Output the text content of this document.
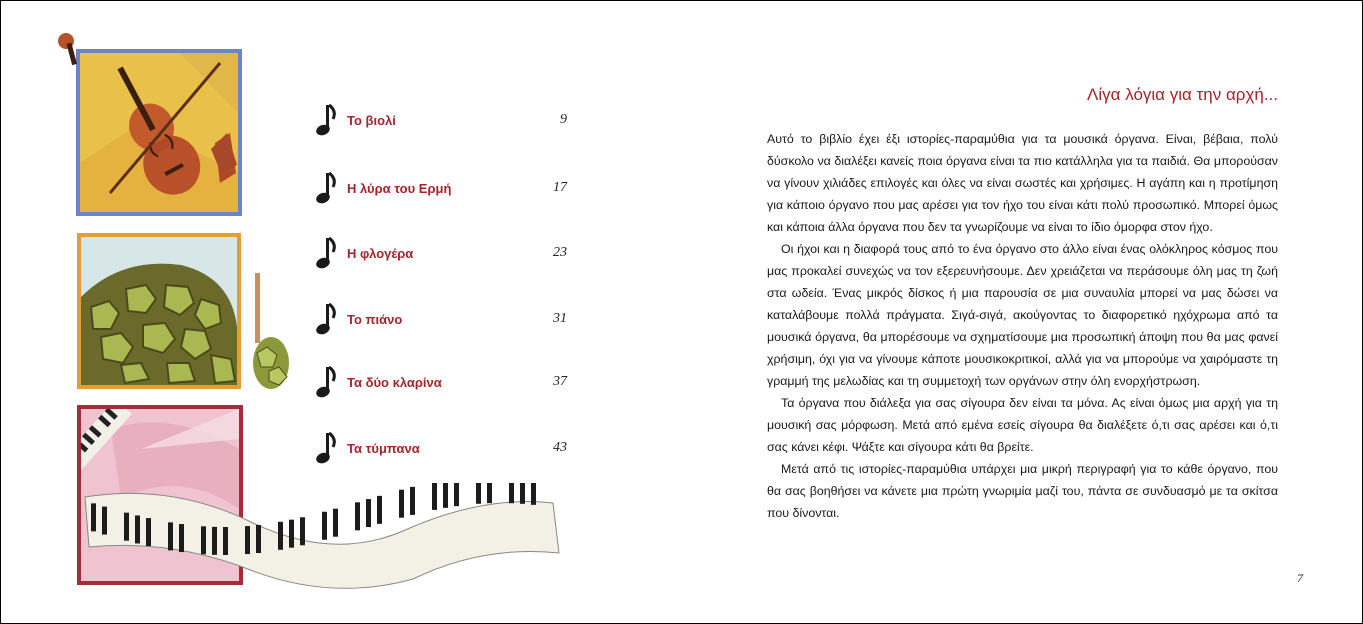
Το βιολί	9
Η λύρα του Ερμή	17
Η φλογέρα	23
Το πιάνο	31
Τα δύο κλαρίνα	37
Τα τύμπανα	43
Λίγα λόγια για την αρχή...

Αυτό το βιβλίο έχει έξι ιστορίες-παραμύθια για τα μουσικά όργανα. Είναι, βέβαια, πολύ δύσκολο να διαλέξει κανείς ποια όργανα είναι τα πιο κατάλληλα για τα παιδιά. Θα μπορούσαν να γίνουν χιλιάδες επιλογές και όλες να είναι σωστές και χρήσιμες. Η αγάπη και η προτίμηση για κάποιο όργανο που μας αρέσει για τον ήχο του είναι κάτι πολύ προσωπικό. Μπορεί όμως και κάποια άλλα όργανα που δεν τα γνωρίζουμε να είναι το ίδιο όμορφα στον ήχο.

Οι ήχοι και η διαφορά τους από το ένα όργανο στο άλλο είναι ένας ολόκληρος κόσμος που μας προκαλεί συνεχώς να τον εξερευνήσουμε. Δεν χρειάζεται να περάσουμε όλη μας τη ζωή στα ωδεία. Ένας μικρός δίσκος ή μια παρουσία σε μια συναυλία μπορεί να μας δώσει να καταλάβουμε πολλά πράγματα. Σιγά-σιγά, ακούγοντας το διαφορετικό ηχόχρωμα από τα μουσικά όργανα, θα μπορέσουμε να σχηματίσουμε μια προσωπική άποψη που θα μας φανεί χρήσιμη, όχι για να γίνουμε κάποτε μουσικοκριτικοί, αλλά για να μπορούμε να χαιρόμαστε τη γραμμή της μελωδίας και τη συμμετοχή των οργάνων στην όλη ενορχήστρωση.

Τα όργανα που διάλεξα για σας σίγουρα δεν είναι τα μόνα. Ας είναι όμως μια αρχή για τη μουσική σας μόρφωση. Μετά από εμένα εσείς σίγουρα θα διαλέξετε ό,τι σας αρέσει και ό,τι σας κάνει κέφι. Ψάξτε και σίγουρα κάτι θα βρείτε.

Μετά από τις ιστορίες-παραμύθια υπάρχει μια μικρή περιγραφή για το κάθε όργανο, που θα σας βοηθήσει να κάνετε μια πρώτη γνωριμία μαζί του, πάντα σε συνδυασμό με τα σκίτσα που δίνονται.

7
